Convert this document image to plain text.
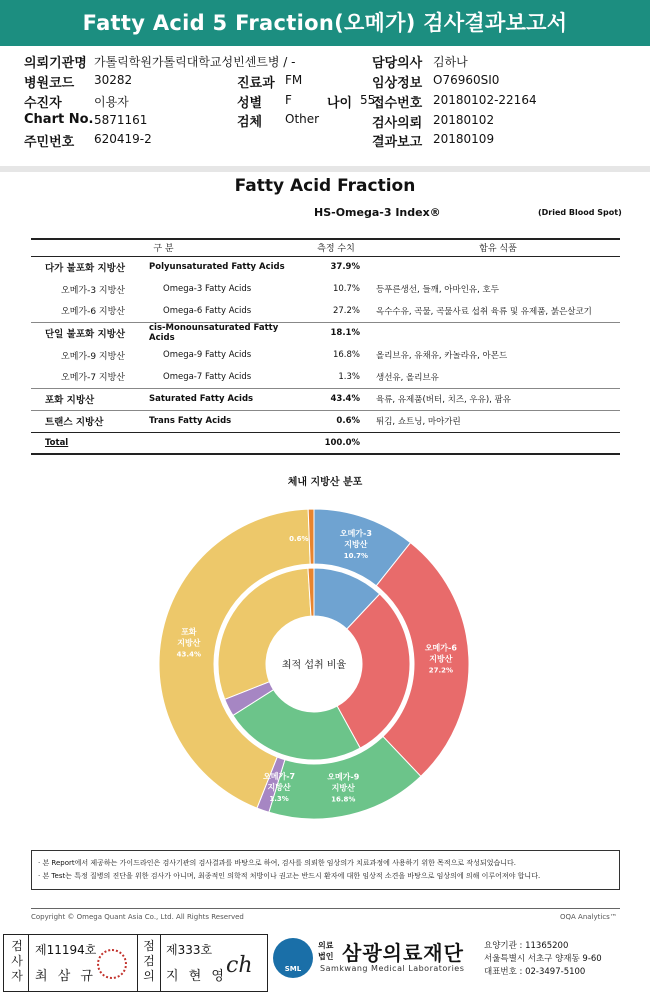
Fatty Acid 5 Fraction(오메가) 검사결과보고서
의뢰기관명 가톨릭학원가톨릭대학교성빈센트병 / -
병원코드 30282
수진자	이용자
Chart No. 5871161
주민번호 620419-2
진료과 FM
성별 F	나이 55
검체 Other
담당의사 김하나
임상정보 O76960SI0
접수번호 20180102-22164
검사의뢰 20180102
결과보고 20180109
Fatty Acid Fraction
HS-Omega-3 Index®	(Dried Blood Spot)
구 분		측정 수치	함유 식품
다가 불포화 지방산	Polyunsaturated Fatty Acids	37.9%	
오메가-3 지방산	Omega-3 Fatty Acids	10.7%	등푸른생선, 들깨, 아마인유, 호두
오메가-6 지방산	Omega-6 Fatty Acids	27.2%	옥수수유, 곡물, 곡물사료 섭취 육류 및 유제품, 붉은살코기
단일 불포화 지방산	cis-Monounsaturated Fatty Acids	18.1%	
오메가-9 지방산	Omega-9 Fatty Acids	16.8%	올리브유, 유채유, 카놀라유, 아몬드
오메가-7 지방산	Omega-7 Fatty Acids	1.3%	생선유, 올리브유
포화 지방산	Saturated Fatty Acids	43.4%	육류, 유제품(버터, 치즈, 우유), 팜유
트랜스 지방산	Trans Fatty Acids	0.6%	튀김, 쇼트닝, 마아가린
Total		100.0%	
체내 지방산 분포
오메가-3
지방산
10.7%
오메가-6
지방산
27.2%
오메가-9
지방산
16.8%
오메가-7
지방산
1.3%
포화
지방산
43.4%
0.6%
최적 섭취 비율
· 본 Report에서 제공하는 가이드라인은 검사기관의 검사결과를 바탕으로 하여, 검사를 의뢰한 임상의가 치료과정에 사용하기 위한 목적으로 작성되었습니다.
· 본 Test는 특정 질병의 진단을 위한 검사가 아니며, 최종적인 의학적 처방이나 권고는 반드시 환자에 대한 임상적 소견을 바탕으로 임상의에 의해 이루어져야 합니다.
Copyright © Omega Quant Asia Co., Ltd. All Rights Reserved	OQA Analytics™
검
사
자
제11194호
최 삼 규
점
검
의
제333호
지 현 영 ch	SML
의료
법인 삼광의료재단
Samkwang Medical Laboratories
요양기관 : 11365200
서울특별시 서초구 양재동 9-60
대표번호 : 02-3497-5100
